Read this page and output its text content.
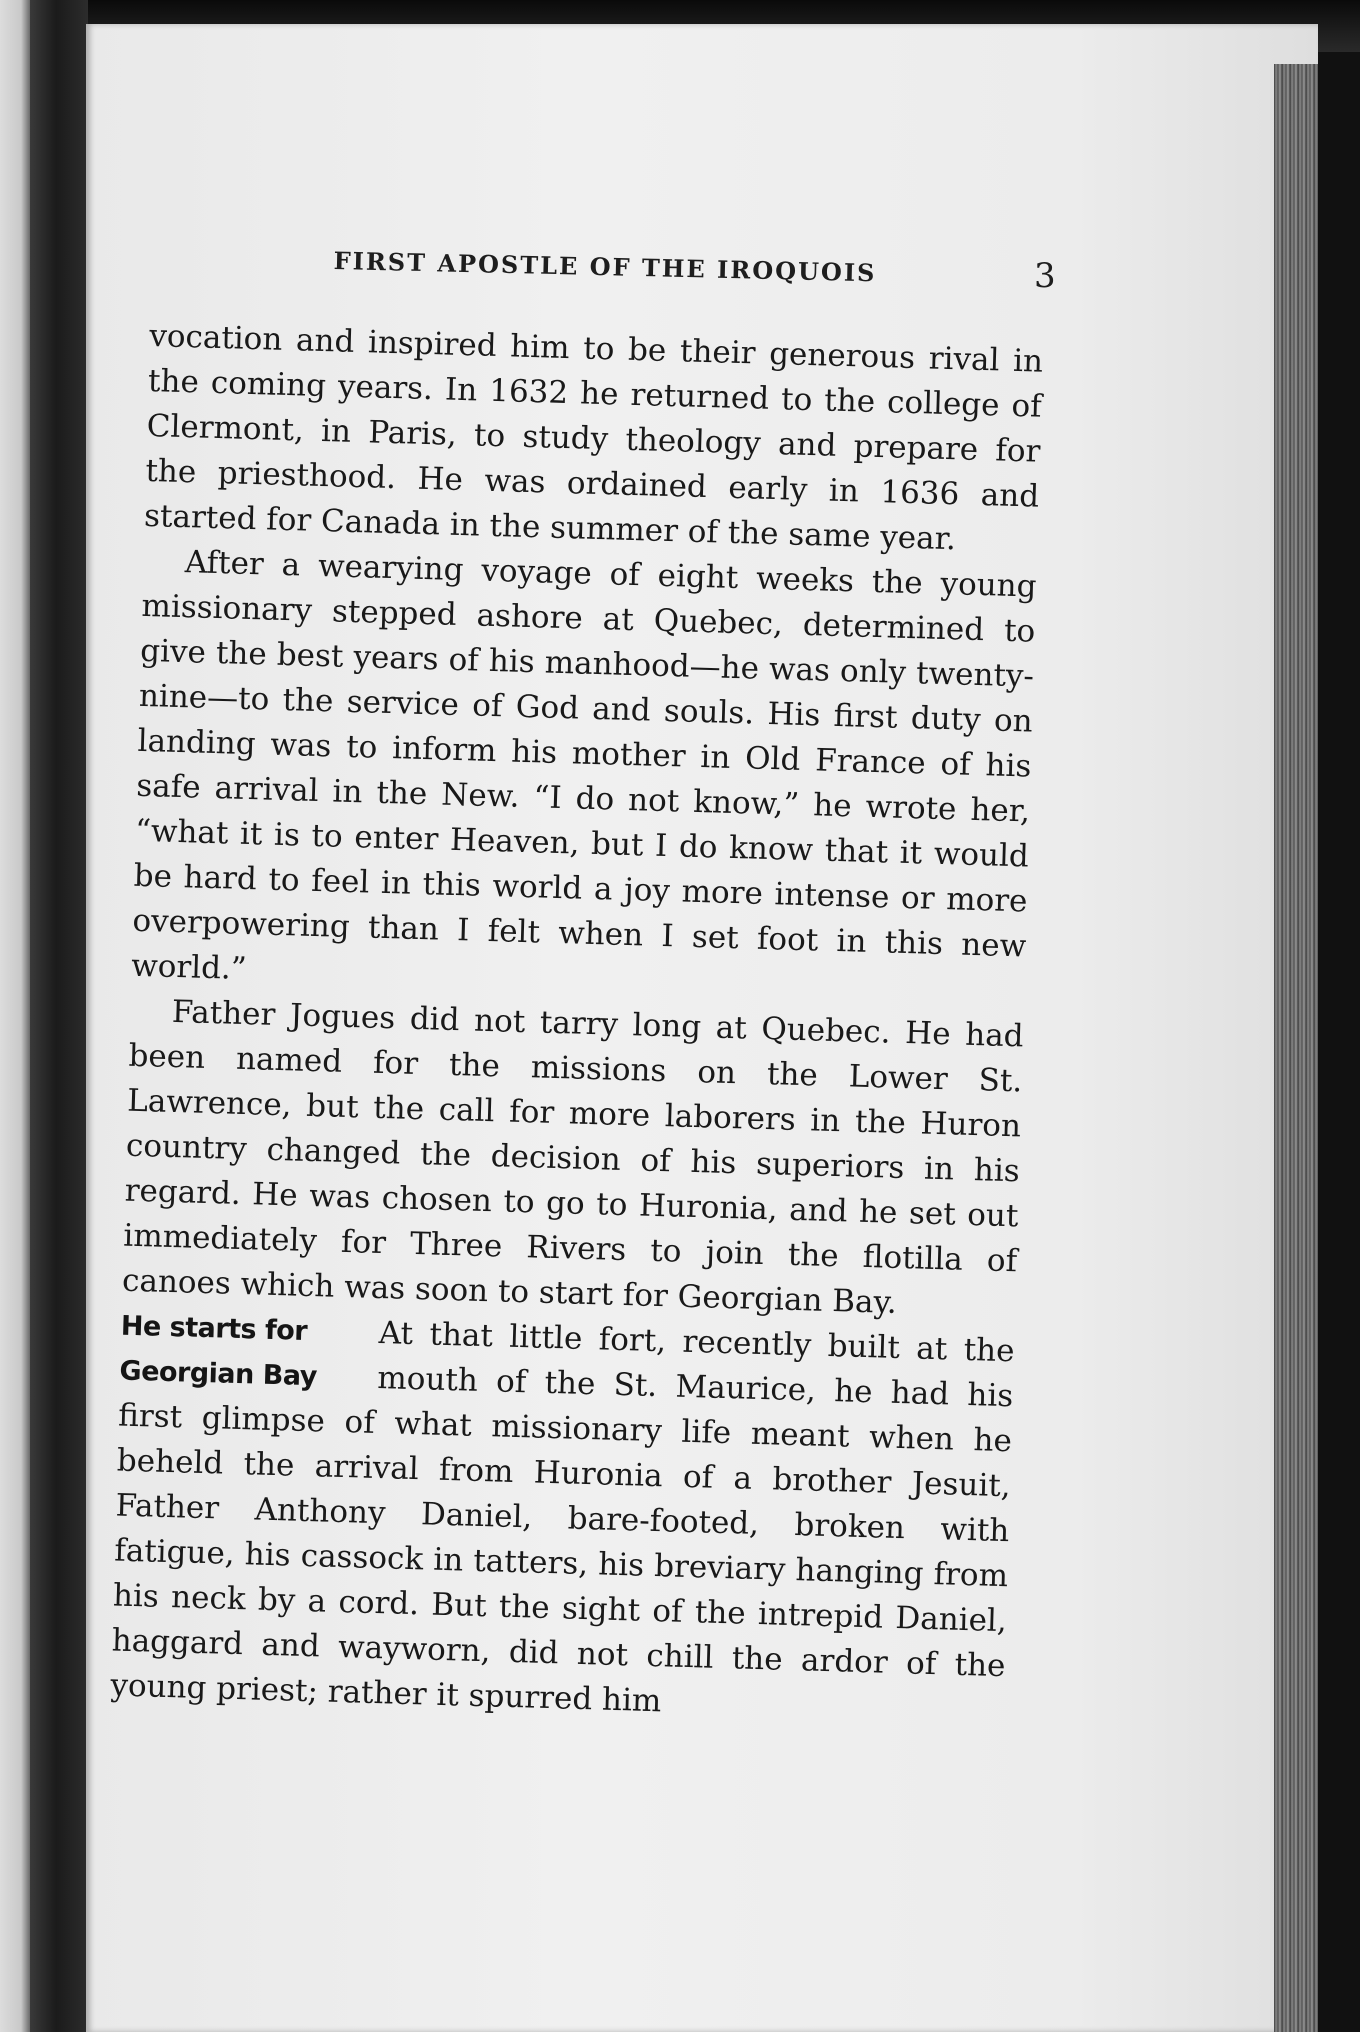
FIRST APOSTLE OF THE IROQUOIS	3

vocation and inspired him to be their generous rival in the coming years. In 1632 he returned to the college of Clermont, in Paris, to study theology and prepare for the priesthood. He was ordained early in 1636 and started for Canada in the summer of the same year.

After a wearying voyage of eight weeks the young missionary stepped ashore at Quebec, determined to give the best years of his manhood—he was only twenty-nine—to the service of God and souls. His first duty on landing was to inform his mother in Old France of his safe arrival in the New. “I do not know,” he wrote her, “what it is to enter Heaven, but I do know that it would be hard to feel in this world a joy more intense or more overpowering than I felt when I set foot in this new world.”

Father Jogues did not tarry long at Quebec. He had been named for the missions on the Lower St. Lawrence, but the call for more laborers in the Huron country changed the decision of his superiors in his regard. He was chosen to go to Huronia, and he set out immediately for Three Rivers to join the flotilla of canoes which was soon to start for Georgian Bay.

He starts for
Georgian Bay

At that little fort, recently built at the mouth of the St. Maurice, he had his first glimpse of what missionary life meant when he beheld the arrival from Huronia of a brother Jesuit, Father Anthony Daniel, bare-footed, broken with fatigue, his cassock in tatters, his breviary hanging from his neck by a cord. But the sight of the intrepid Daniel, haggard and wayworn, did not chill the ardor of the young priest; rather it spurred him
